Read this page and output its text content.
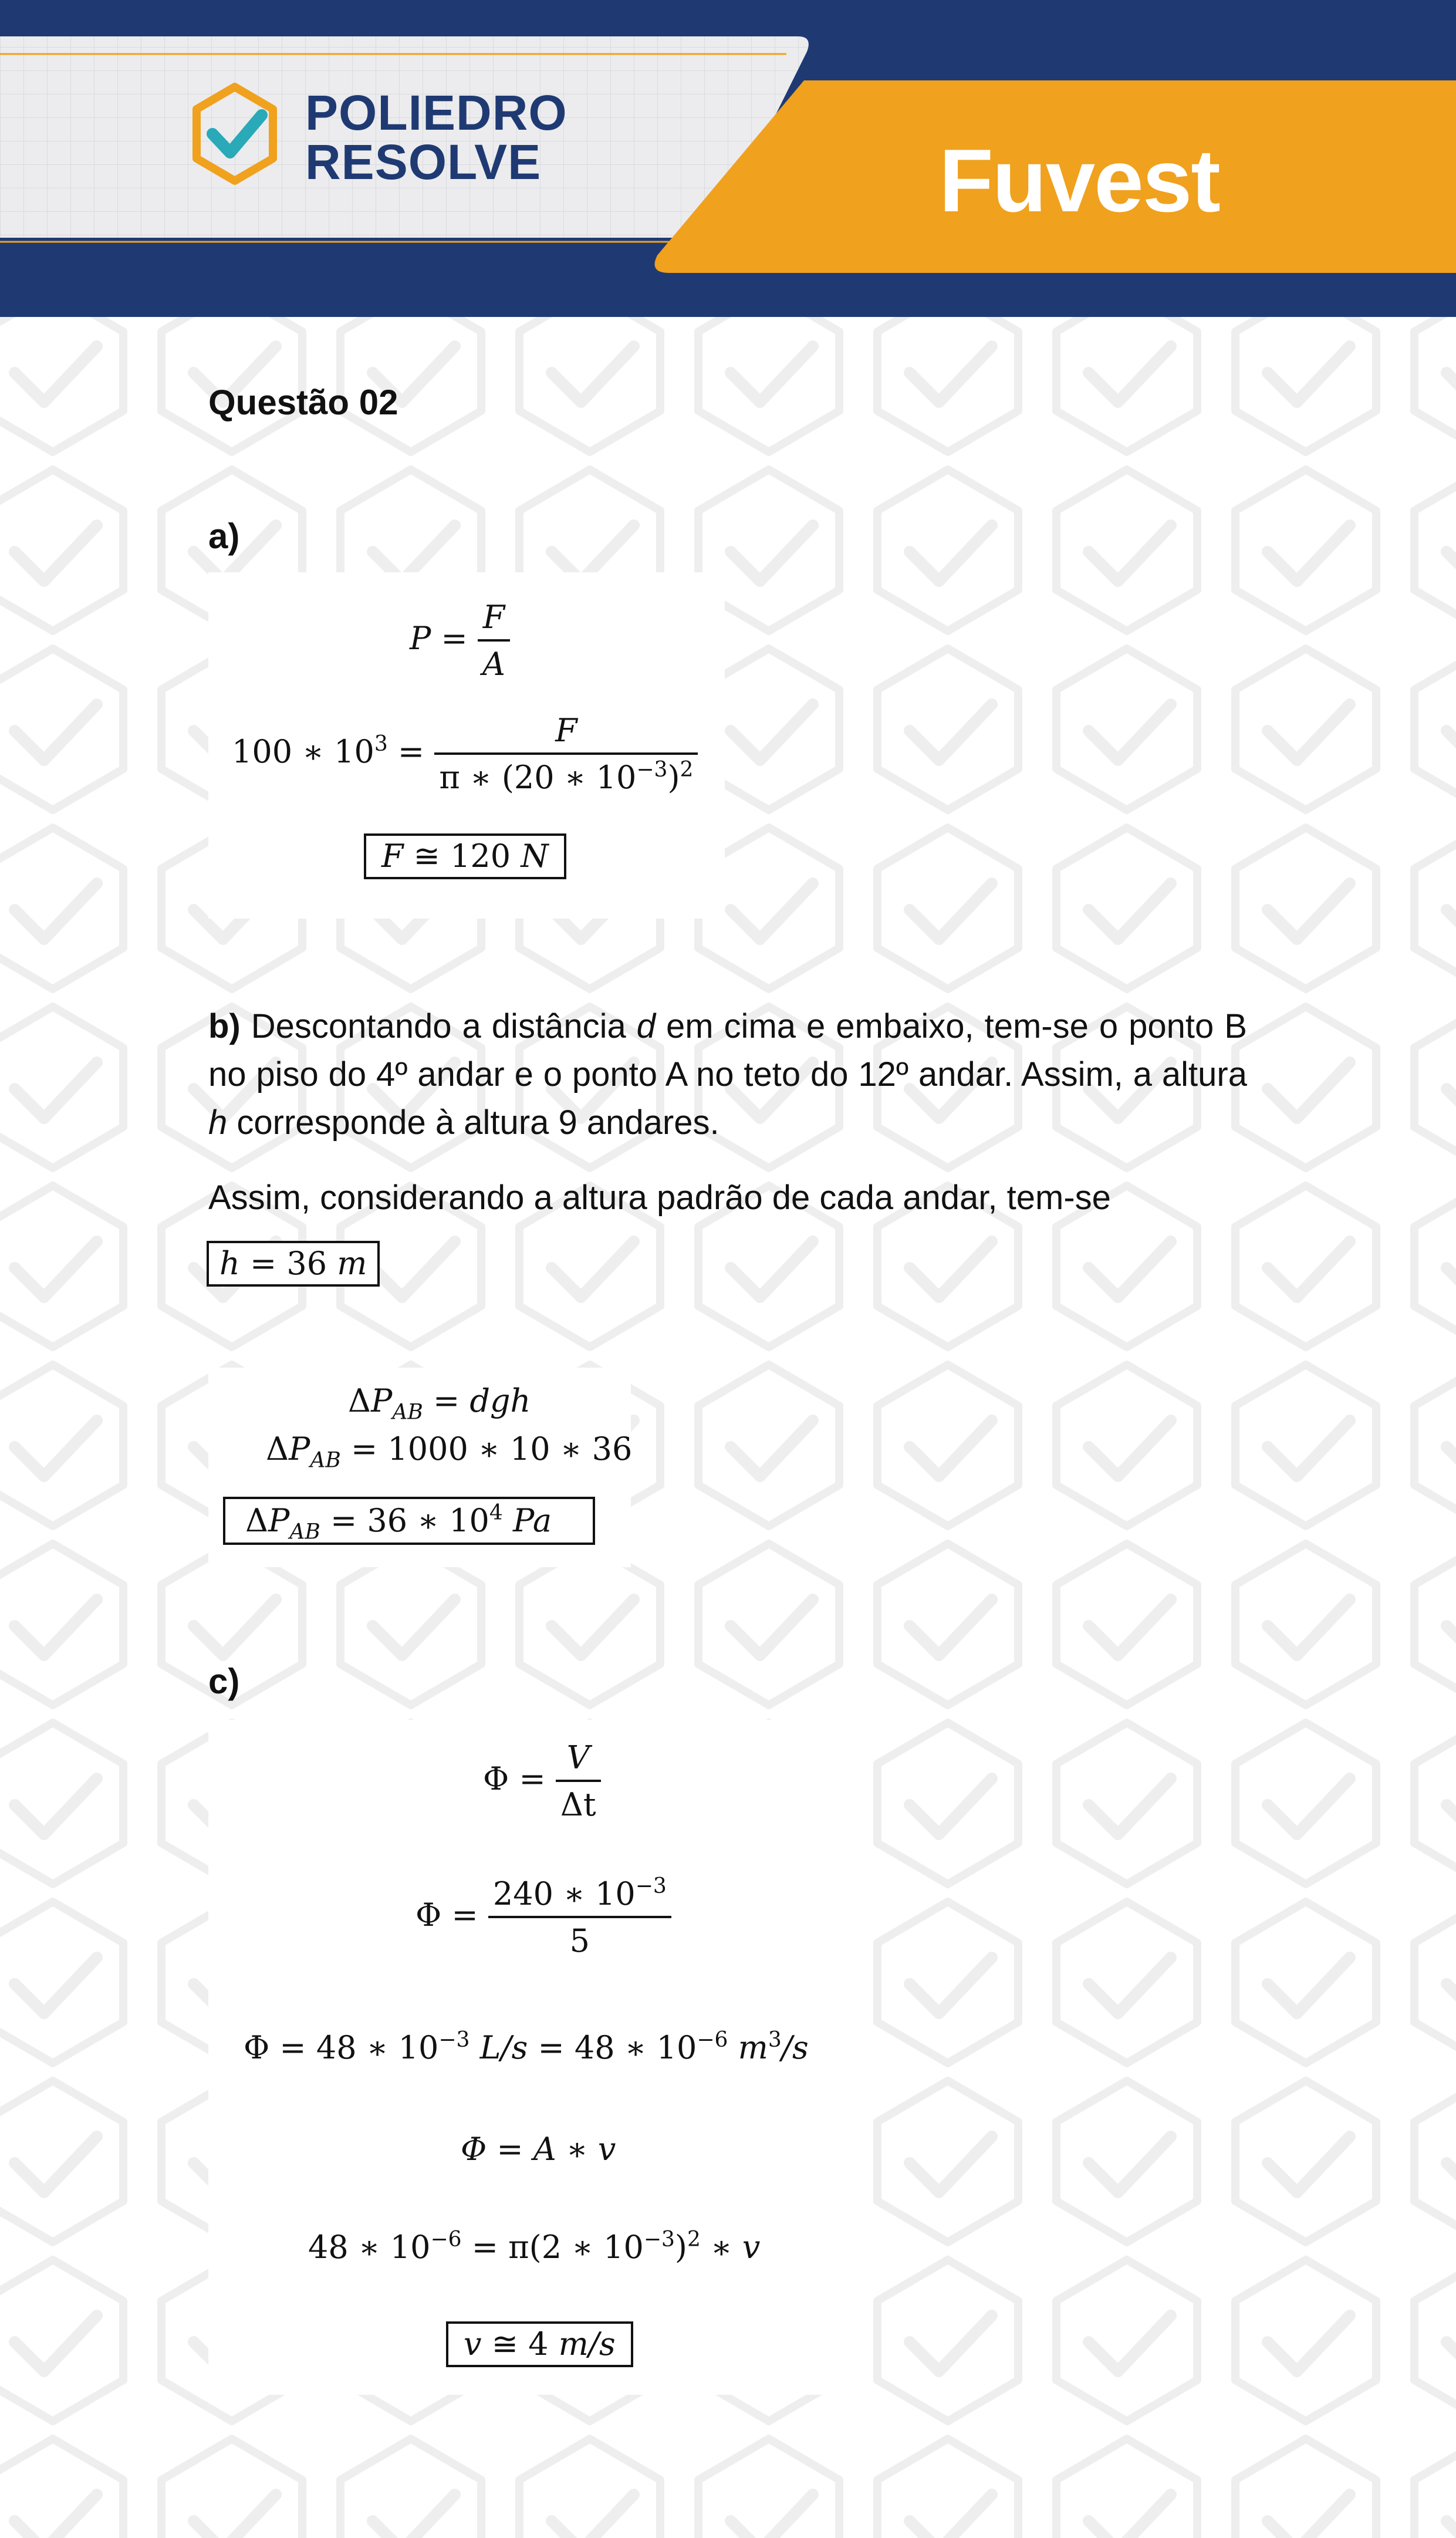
POLIEDRO
RESOLVE	Fuvest
Questão 02
a)
$P = \frac{F}{A}$
100 ∗ $10^3 = \frac{F}{\pi ∗ (20 ∗ 10^{-3})^2}$
F ≅ 120 N
b) Descontando a distância d em cima e embaixo, tem-se o ponto B no piso do 4º andar e o ponto A no teto do 12º andar. Assim, a altura h corresponde à altura 9 andares.
Assim, considerando a altura padrão de cada andar, tem-se
h = 36 m
$\Delta P_{AB}$ = dgh
$\Delta P_{AB} = 1000$ ∗ 10 ∗ 36
$\Delta P_{AB} = 36$ ∗ $10^4$ Pa
c)
$\Phi = \frac{V}{\Delta t}$
$\Phi = \frac{240 ∗ 10^{-3}}{5}$
Φ = 48 ∗ $10^{-3}$ L/s = 48 ∗ $10^{-6}$ $m^3/s$
Φ = A ∗ v
48 ∗ $10^{-6} = \pi(2$ ∗ $10^{-3})^2$ ∗ v
v ≅ 4 m/s
